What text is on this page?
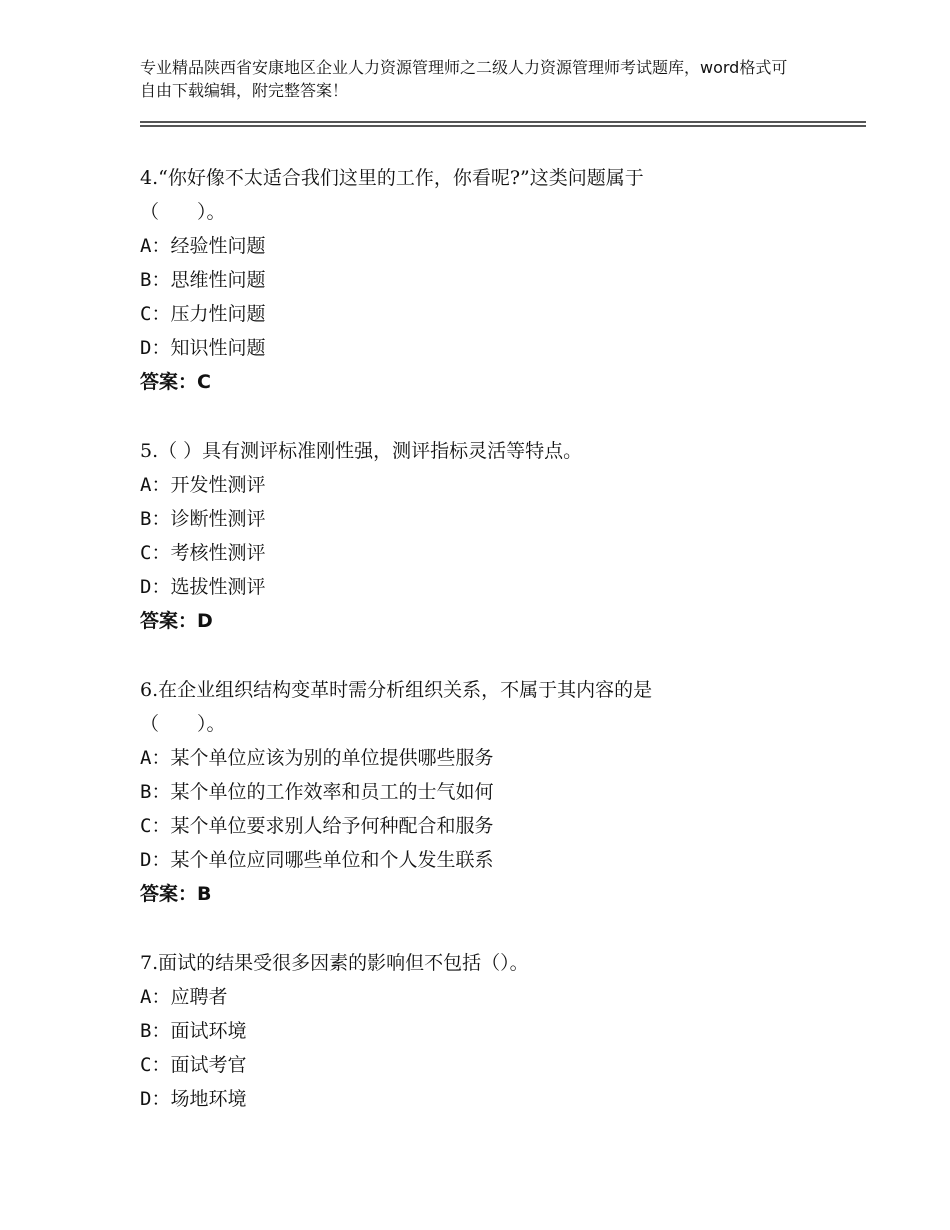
专业精品陕西省安康地区企业人力资源管理师之二级人力资源管理师考试题库，word格式可自由下载编辑，附完整答案！
4.“你好像不太适合我们这里的工作，你看呢?”这类问题属于
（　　）。
A：经验性问题
B：思维性问题
C：压力性问题
D：知识性问题
答案：C
5.（ ）具有测评标准刚性强，测评指标灵活等特点。
A：开发性测评
B：诊断性测评
C：考核性测评
D：选拔性测评
答案：D
6.在企业组织结构变革时需分析组织关系，不属于其内容的是
（　　）。
A：某个单位应该为别的单位提供哪些服务
B：某个单位的工作效率和员工的士气如何
C：某个单位要求别人给予何种配合和服务
D：某个单位应同哪些单位和个人发生联系
答案：B
7.面试的结果受很多因素的影响但不包括（）。
A：应聘者
B：面试环境
C：面试考官
D：场地环境
